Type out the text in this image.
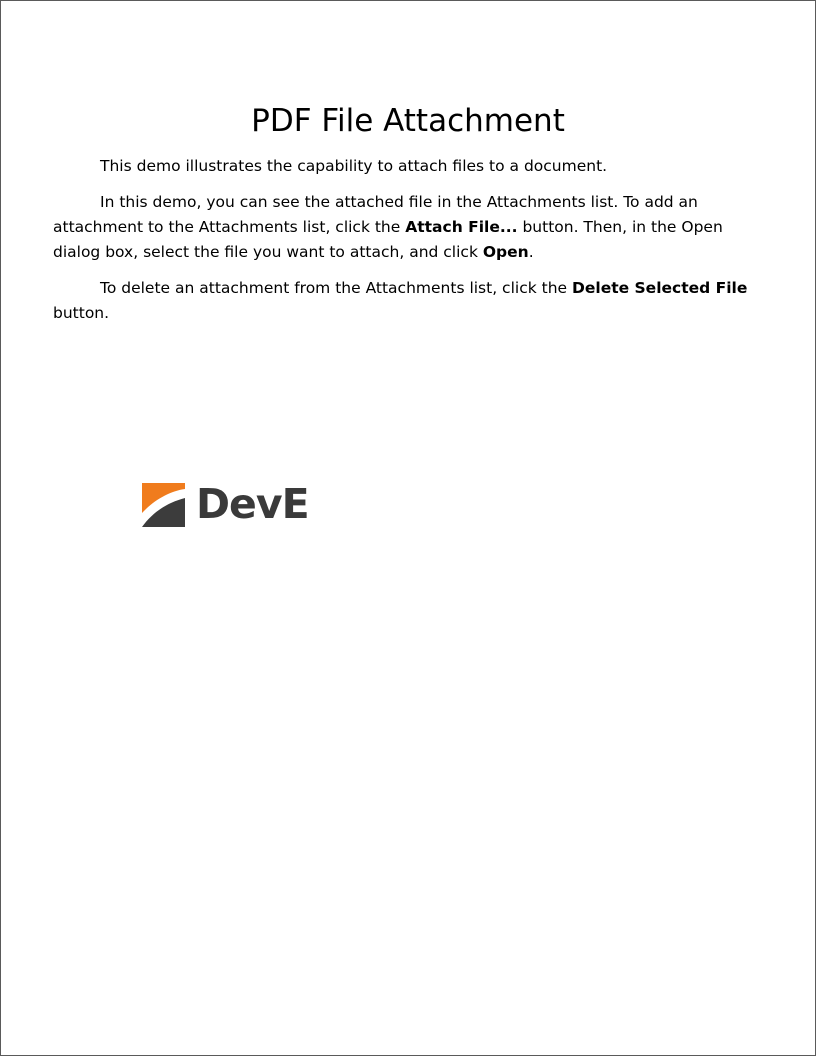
PDF File Attachment

This demo illustrates the capability to attach files to a document.

In this demo, you can see the attached file in the Attachments list. To add an attachment to the Attachments list, click the Attach File... button. Then, in the Open dialog box, select the file you want to attach, and click Open.

To delete an attachment from the Attachments list, click the Delete Selected File button.

DevE
